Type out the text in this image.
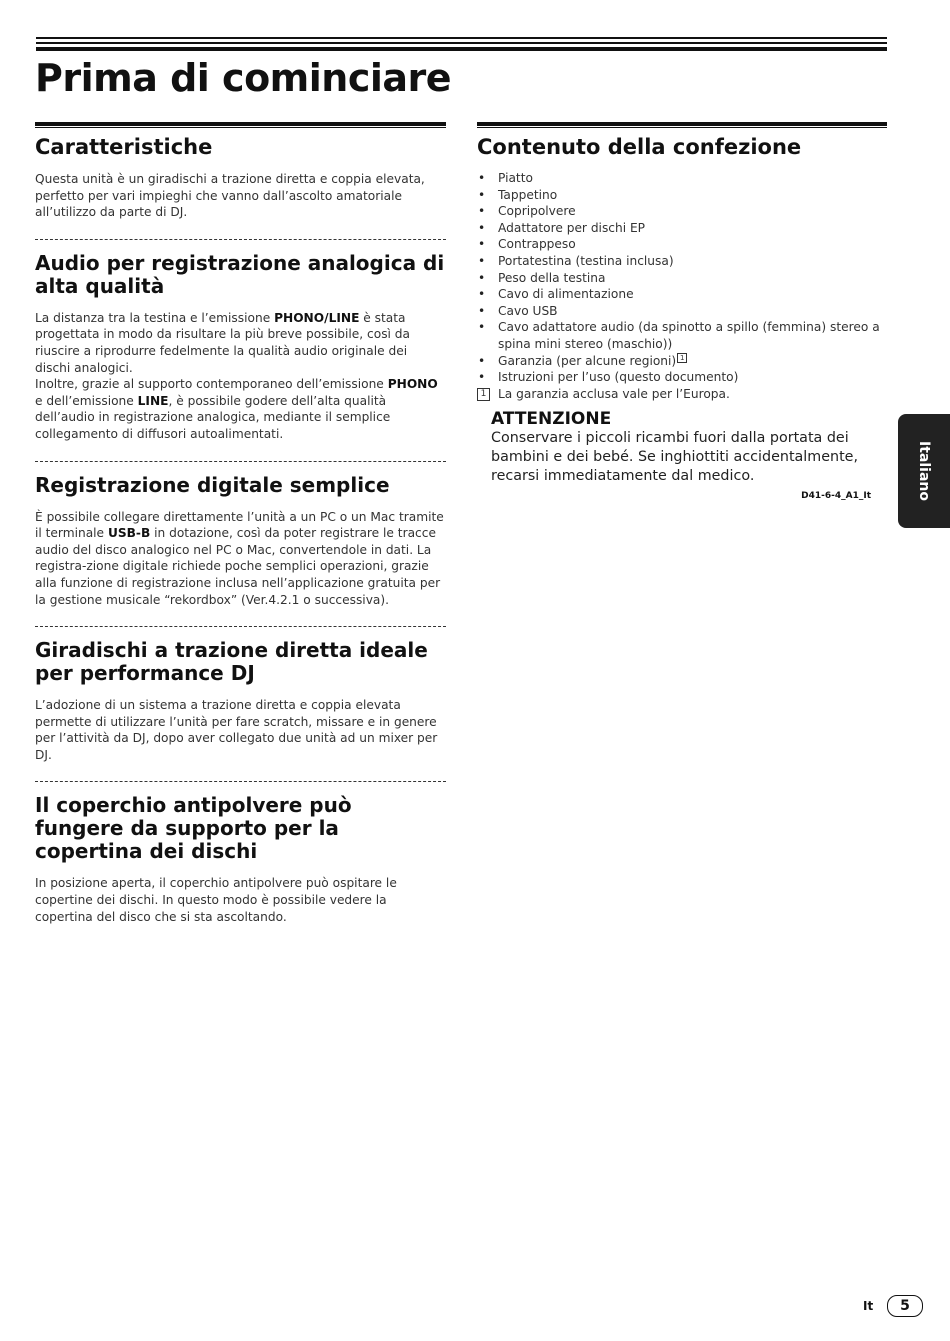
Prima di cominciare
Caratteristiche

Questa unità è un giradischi a trazione diretta e coppia elevata, perfetto per vari impieghi che vanno dall’ascolto amatoriale all’utilizzo da parte di DJ.

Audio per registrazione analogica di alta qualità

La distanza tra la testina e l’emissione PHONO/LINE è stata progettata in modo da risultare la più breve possibile, così da riuscire a riprodurre fedelmente la qualità audio originale dei dischi analogici.

Inoltre, grazie al supporto contemporaneo dell’emissione PHONO e dell’emissione LINE, è possibile godere dell’alta qualità dell’audio in registrazione analogica, mediante il semplice collegamento di diffusori autoalimentati.

Registrazione digitale semplice

È possibile collegare direttamente l’unità a un PC o un Mac tramite il terminale USB-B in dotazione, così da poter registrare le tracce audio del disco analogico nel PC o Mac, convertendole in dati. La registra-zione digitale richiede poche semplici operazioni, grazie alla funzione di registrazione inclusa nell’applicazione gratuita per la gestione musicale “rekordbox” (Ver.4.2.1 o successiva).

Giradischi a trazione diretta ideale per performance DJ

L’adozione di un sistema a trazione diretta e coppia elevata permette di utilizzare l’unità per fare scratch, missare e in genere per l’attività da DJ, dopo aver collegato due unità ad un mixer per DJ.

Il coperchio antipolvere può fungere da supporto per la copertina dei dischi

In posizione aperta, il coperchio antipolvere può ospitare le copertine dei dischi. In questo modo è possibile vedere la copertina del disco che si sta ascoltando.

Contenuto della confezione
• Piatto
• Tappetino
• Copripolvere
• Adattatore per dischi EP
• Contrappeso
• Portatestina (testina inclusa)
• Peso della testina
• Cavo di alimentazione
• Cavo USB
• Cavo adattatore audio (da spinotto a spillo (femmina) stereo a spina mini stereo (maschio))
• Garanzia (per alcune regioni) 1
• Istruzioni per l’uso (questo documento)
1 La garanzia acclusa vale per l’Europa.
ATTENZIONE
Conservare i piccoli ricambi fuori dalla portata dei bambini e dei bebé. Se inghiottiti accidentalmente, recarsi immediatamente dal medico.
D41-6-4_A1_It	Italiano
It	5
